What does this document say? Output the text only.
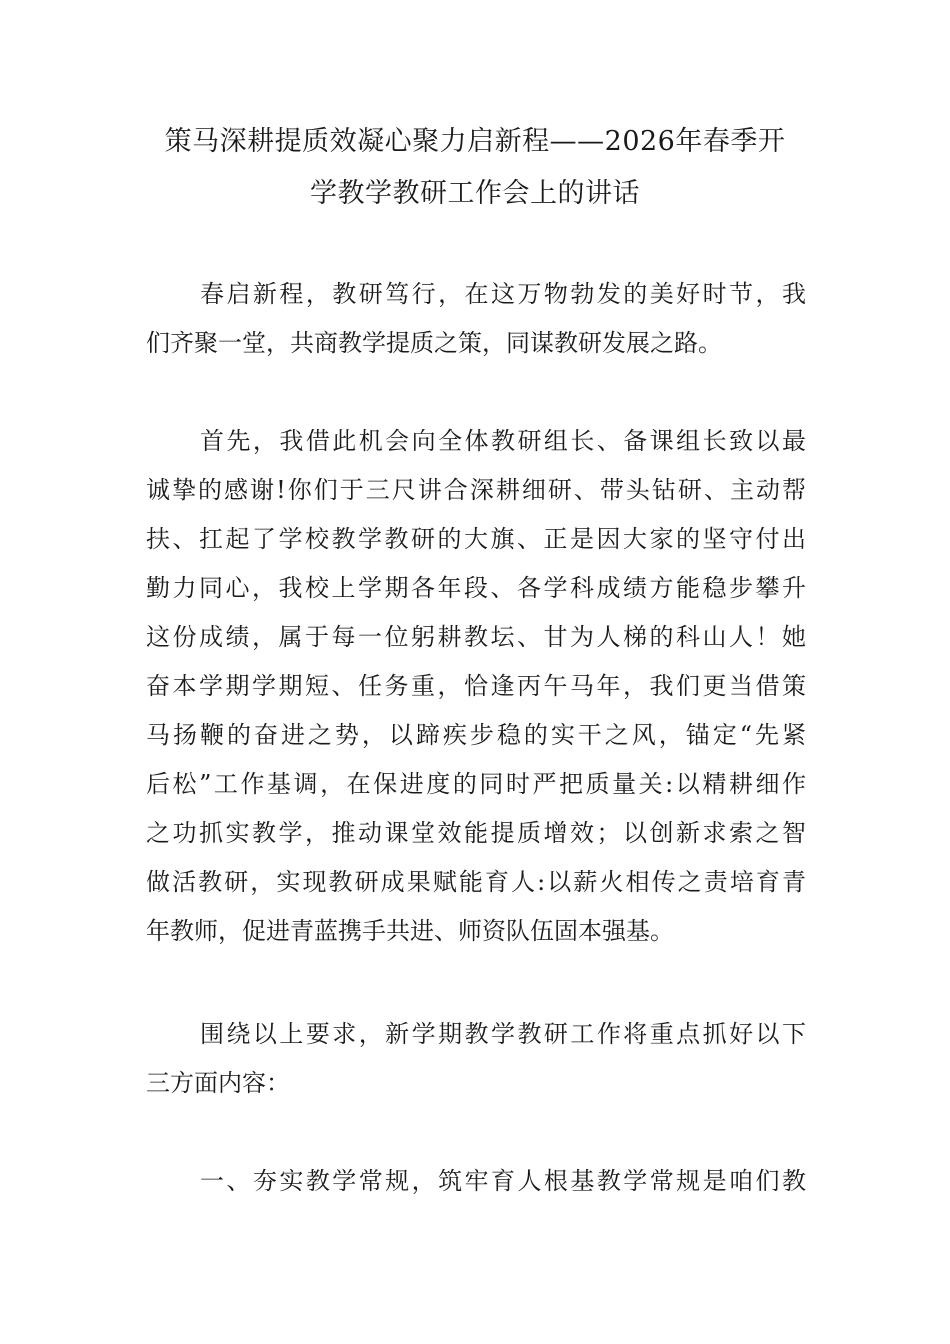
策马深耕提质效凝心聚力启新程——2026年春季开
学教学教研工作会上的讲话

春启新程，教研笃行，在这万物勃发的美好时节，我
们齐聚一堂，共商教学提质之策，同谋教研发展之路。

首先，我借此机会向全体教研组长、备课组长致以最
诚挚的感谢!你们于三尺讲合深耕细研、带头钻研、主动帮
扶、扛起了学校教学教研的大旗、正是因大家的坚守付出
勤力同心，我校上学期各年段、各学科成绩方能稳步攀升
这份成绩，属于每一位躬耕教坛、甘为人梯的科山人！她
奋本学期学期短、任务重，恰逢丙午马年，我们更当借策
马扬鞭的奋进之势，以蹄疾步稳的实干之风，锚定“先紧
后松”工作基调，在保进度的同时严把质量关:以精耕细作
之功抓实教学，推动课堂效能提质增效；以创新求索之智
做活教研，实现教研成果赋能育人:以薪火相传之责培育青
年教师，促进青蓝携手共进、师资队伍固本强基。

围绕以上要求，新学期教学教研工作将重点抓好以下
三方面内容：

一、夯实教学常规，筑牢育人根基教学常规是咱们教
